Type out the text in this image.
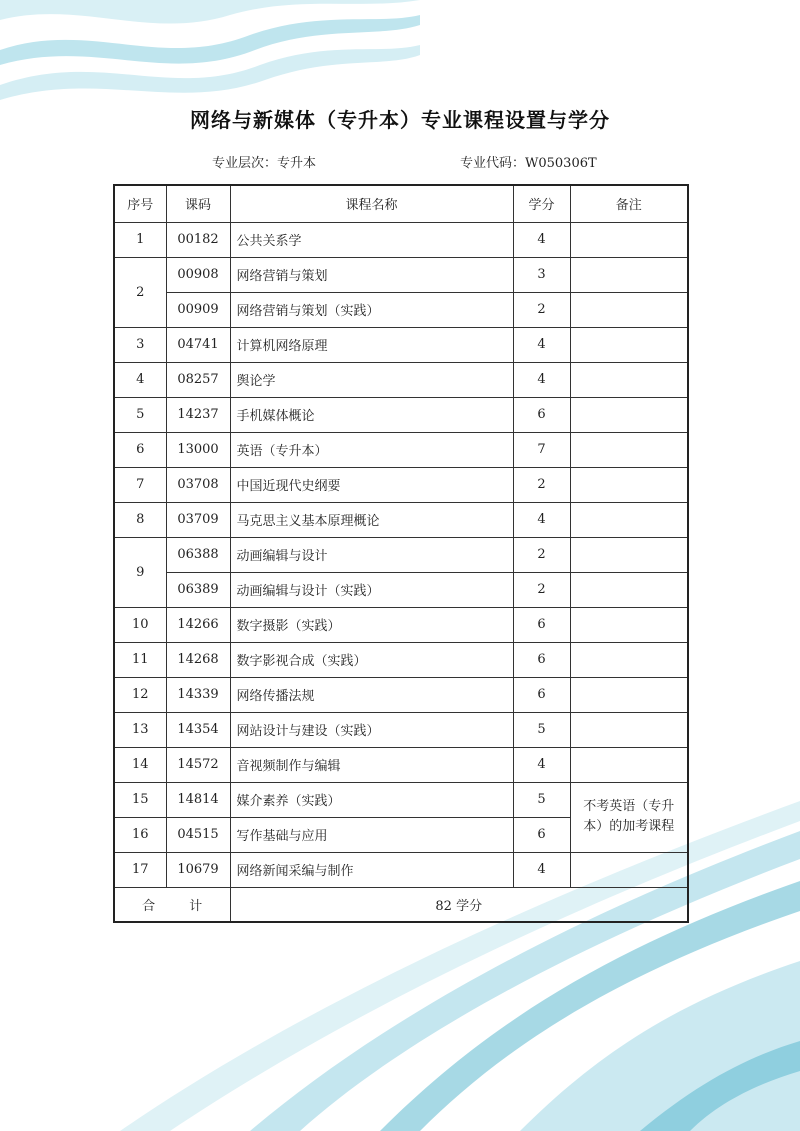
网络与新媒体（专升本）专业课程设置与学分
专业层次：专升本	专业代码：W050306T
序号	课码	课程名称	学分	备注
1	00182	公共关系学	4	
2	00908	网络营销与策划	3	
	00909	网络营销与策划（实践）	2	
3	04741	计算机网络原理	4	
4	08257	舆论学	4	
5	14237	手机媒体概论	6	
6	13000	英语（专升本）	7	
7	03708	中国近现代史纲要	2	
8	03709	马克思主义基本原理概论	4	
9	06388	动画编辑与设计	2	
	06389	动画编辑与设计（实践）	2	
10	14266	数字摄影（实践）	6	
11	14268	数字影视合成（实践）	6	
12	14339	网络传播法规	6	
13	14354	网站设计与建设（实践）	5	
14	14572	音视频制作与编辑	4	
15	14814	媒介素养（实践）	5	不考英语（专升本）的加考课程
16	04515	写作基础与应用	6	
17	10679	网络新闻采编与制作	4	
合 计		82 学分		
